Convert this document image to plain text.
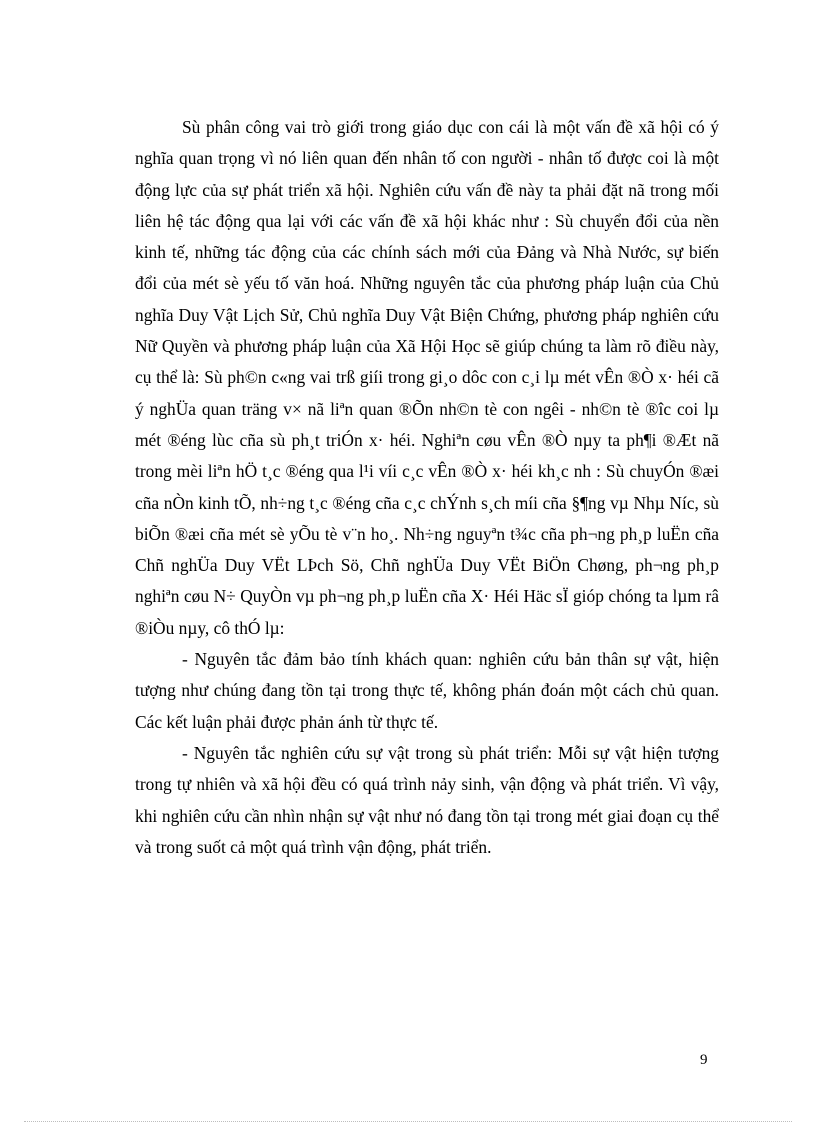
Sù phân công vai trò giới trong giáo dục con cái là một vấn đề xã hội có ý nghĩa quan trọng vì nó liên quan đến nhân tố con người - nhân tố được coi là một động lực của sự phát triển xã hội. Nghiên cứu vấn đề này ta phải đặt nã trong mối liên hệ tác động qua lại với các vấn đề xã hội khác như : Sù chuyển đổi của nền kinh tế, những tác động của các chính sách mới của Đảng và Nhà Nước, sự biến đổi của mét sè yếu tố văn hoá. Những nguyên tắc của phương pháp luận của Chủ nghĩa Duy Vật Lịch Sử, Chủ nghĩa Duy Vật Biện Chứng, phương pháp nghiên cứu Nữ Quyền và phương pháp luận của Xã Hội Học sẽ giúp chúng ta làm rõ điều này, cụ thể là: Sù ph©n c«ng vai trß giíi trong gi¸o dôc con c¸i lµ mét vÊn ®Ò x· héi cã ý nghÜa quan träng v× nã liªn quan ®Õn nh©n tè con ngêi - nh©n tè ®îc coi lµ mét ®éng lùc cña sù ph¸t triÓn x· héi. Nghiªn cøu vÊn ®Ò nµy ta ph¶i ®Æt nã trong mèi liªn hÖ t¸c ®éng qua l¹i víi c¸c vÊn ®Ò x· héi kh¸c nh : Sù chuyÓn ®æi cña nÒn kinh tÕ, nh÷ng t¸c ®éng cña c¸c chÝnh s¸ch míi cña §¶ng vµ Nhµ Níc, sù biÕn ®æi cña mét sè yÕu tè v¨n ho¸. Nh÷ng nguyªn t¾c cña ph¬ng ph¸p luËn cña Chñ nghÜa Duy VËt LÞch Sö, Chñ nghÜa Duy VËt BiÖn Chøng, ph¬ng ph¸p nghiªn cøu N÷ QuyÒn vµ ph¬ng ph¸p luËn cña X· Héi Häc sÏ gióp chóng ta lµm râ ®iÒu nµy, cô thÓ lµ:

- Nguyên tắc đảm bảo tính khách quan: nghiên cứu bản thân sự vật, hiện tượng như chúng đang tồn tại trong thực tế, không phán đoán một cách chủ quan. Các kết luận phải được phản ánh từ thực tế.

- Nguyên tắc nghiên cứu sự vật trong sù phát triển: Mỗi sự vật hiện tượng trong tự nhiên và xã hội đều có quá trình nảy sinh, vận động và phát triển. Vì vậy, khi nghiên cứu cần nhìn nhận sự vật như nó đang tồn tại trong mét giai đoạn cụ thể và trong suốt cả một quá trình vận động, phát triển.

9
